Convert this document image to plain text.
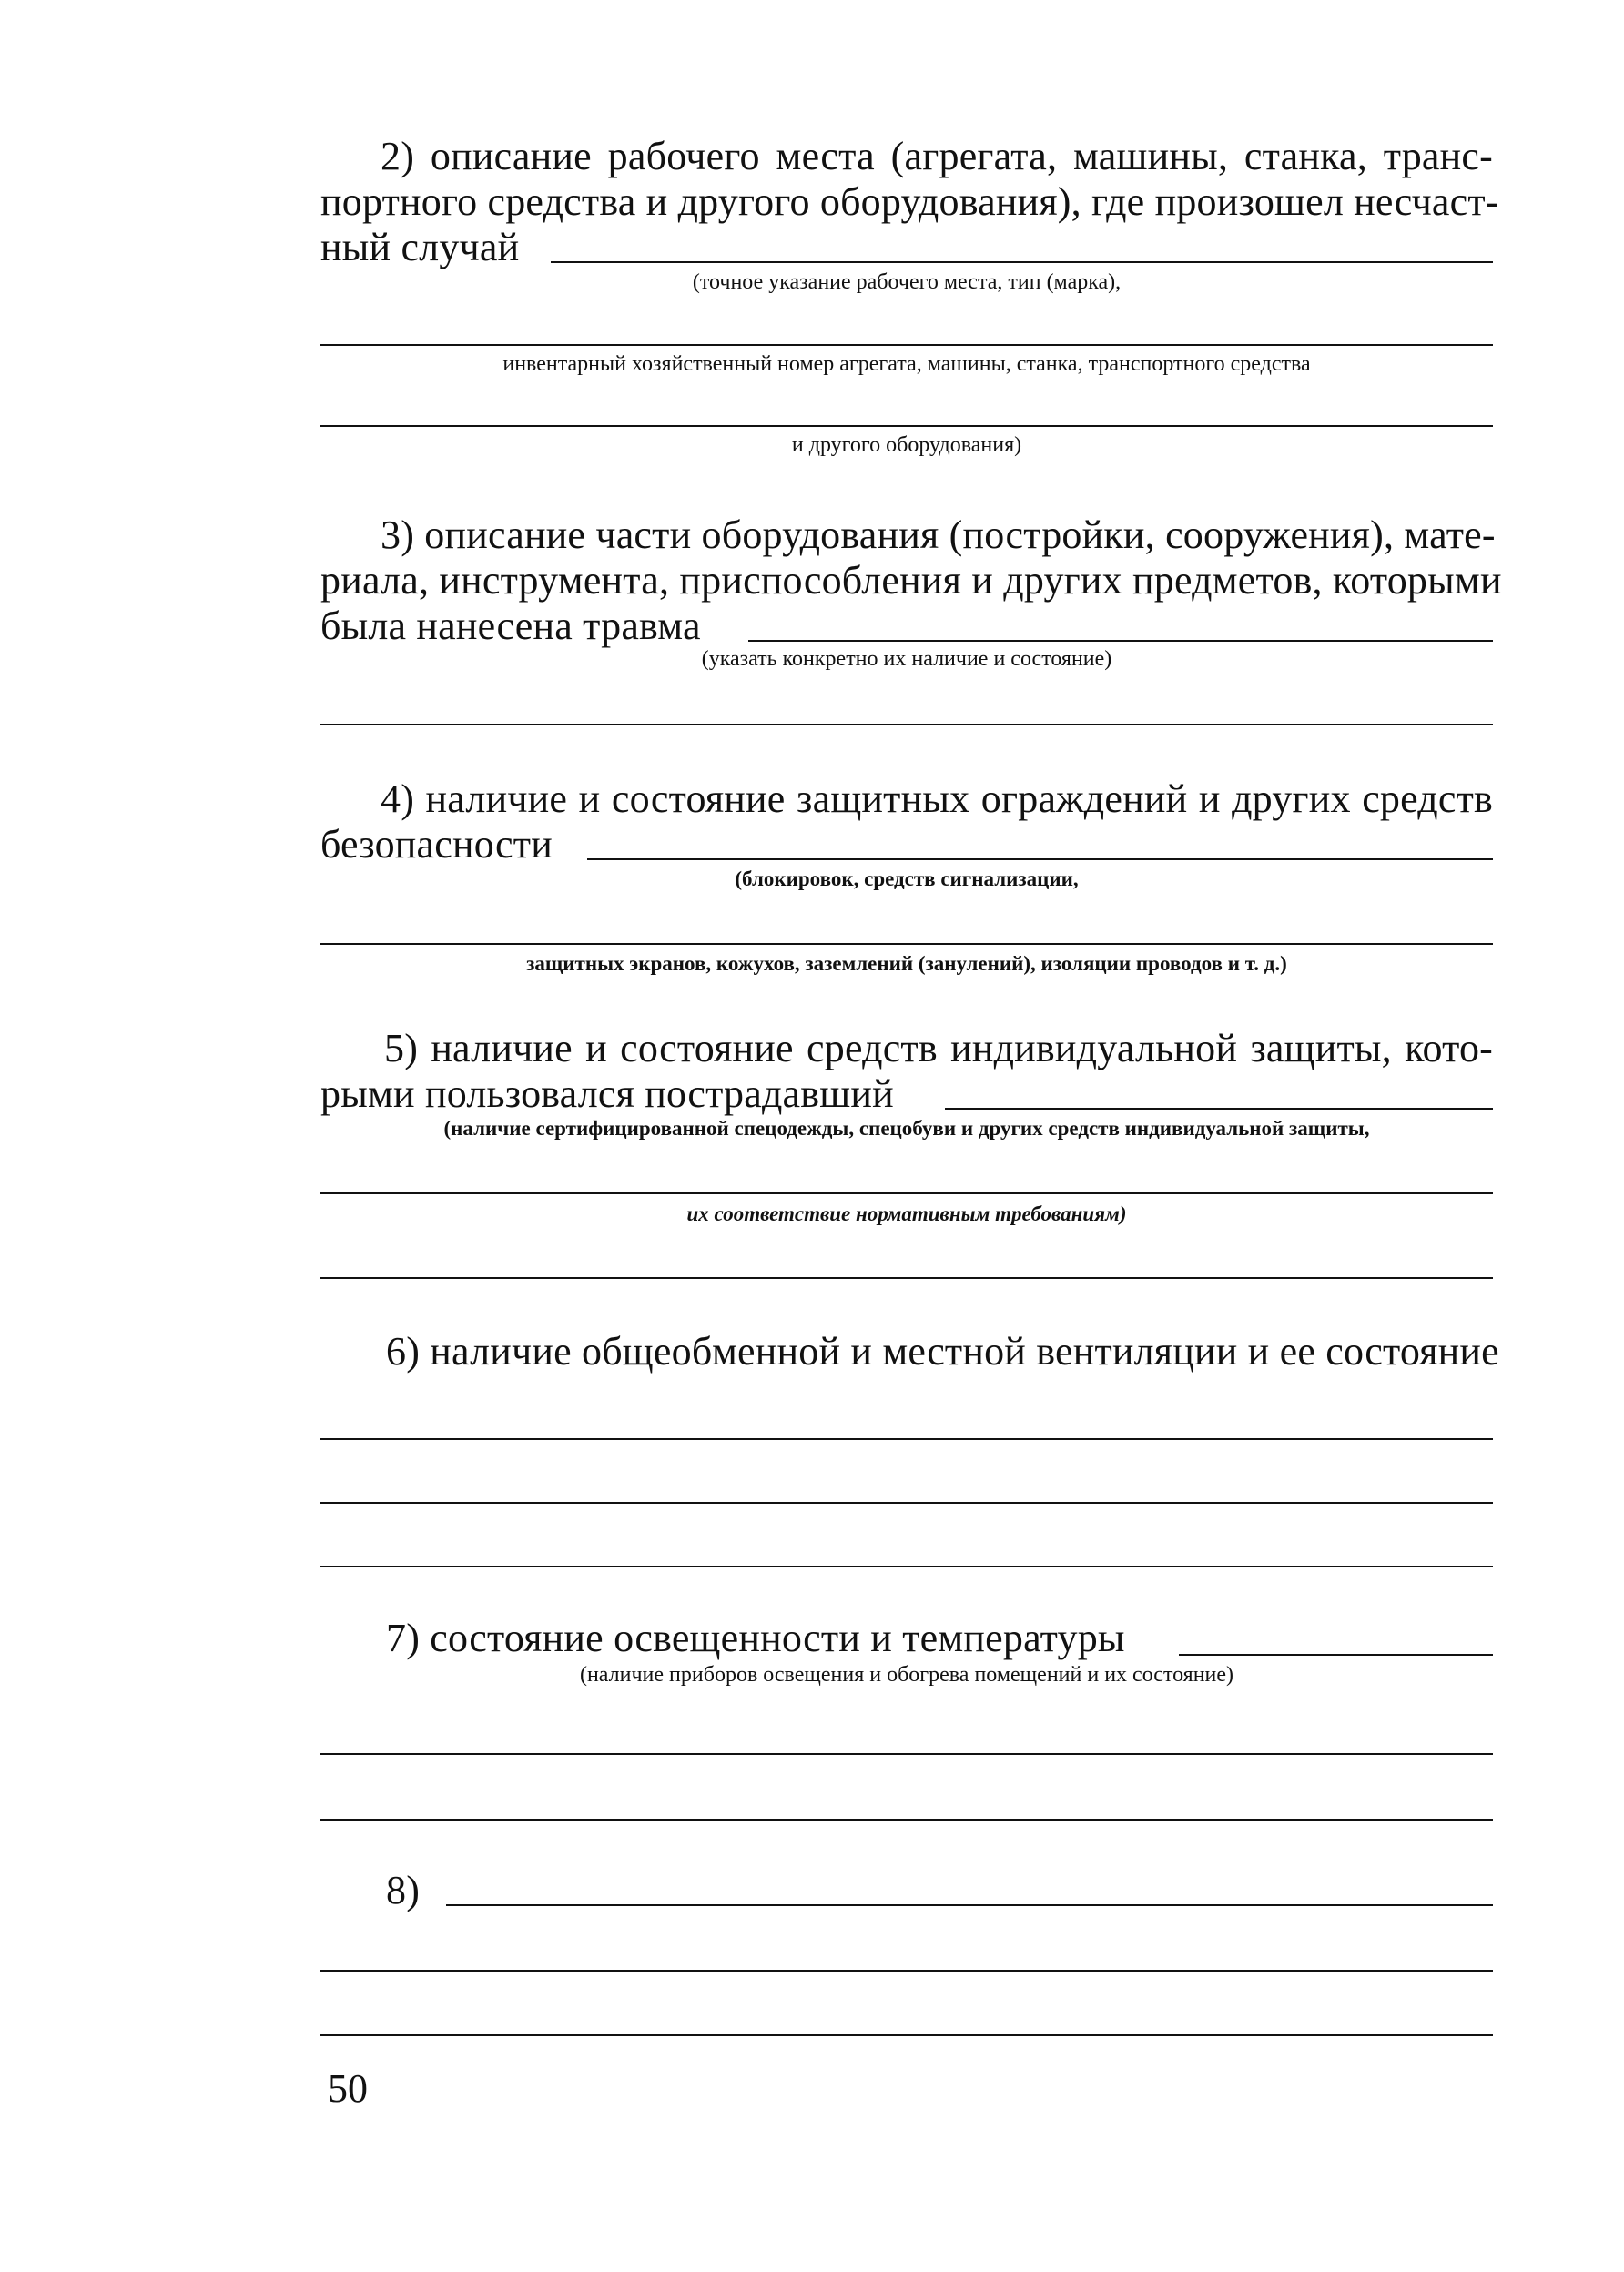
2) описание рабочего места (агрегата, машины, станка, транс-
портного средства и другого оборудования), где произошел несчаст-
ный случай
(точное указание рабочего места, тип (марка),
инвентарный хозяйственный номер агрегата, машины, станка, транспортного средства
и другого оборудования)
3) описание части оборудования (постройки, сооружения), мате-
риала, инструмента, приспособления и других предметов, которыми
была нанесена травма
(указать конкретно их наличие и состояние)
4) наличие и состояние защитных ограждений и других средств
безопасности
(блокировок, средств сигнализации,
защитных экранов, кожухов, заземлений (занулений), изоляции проводов и т. д.)
5) наличие и состояние средств индивидуальной защиты, кото-
рыми пользовался пострадавший
(наличие сертифицированной спецодежды, спецобуви и других средств индивидуальной защиты,
их соответствие нормативным требованиям)
6) наличие общеобменной и местной вентиляции и ее состояние
7) состояние освещенности и температуры
(наличие приборов освещения и обогрева помещений и их состояние)
8)
50
